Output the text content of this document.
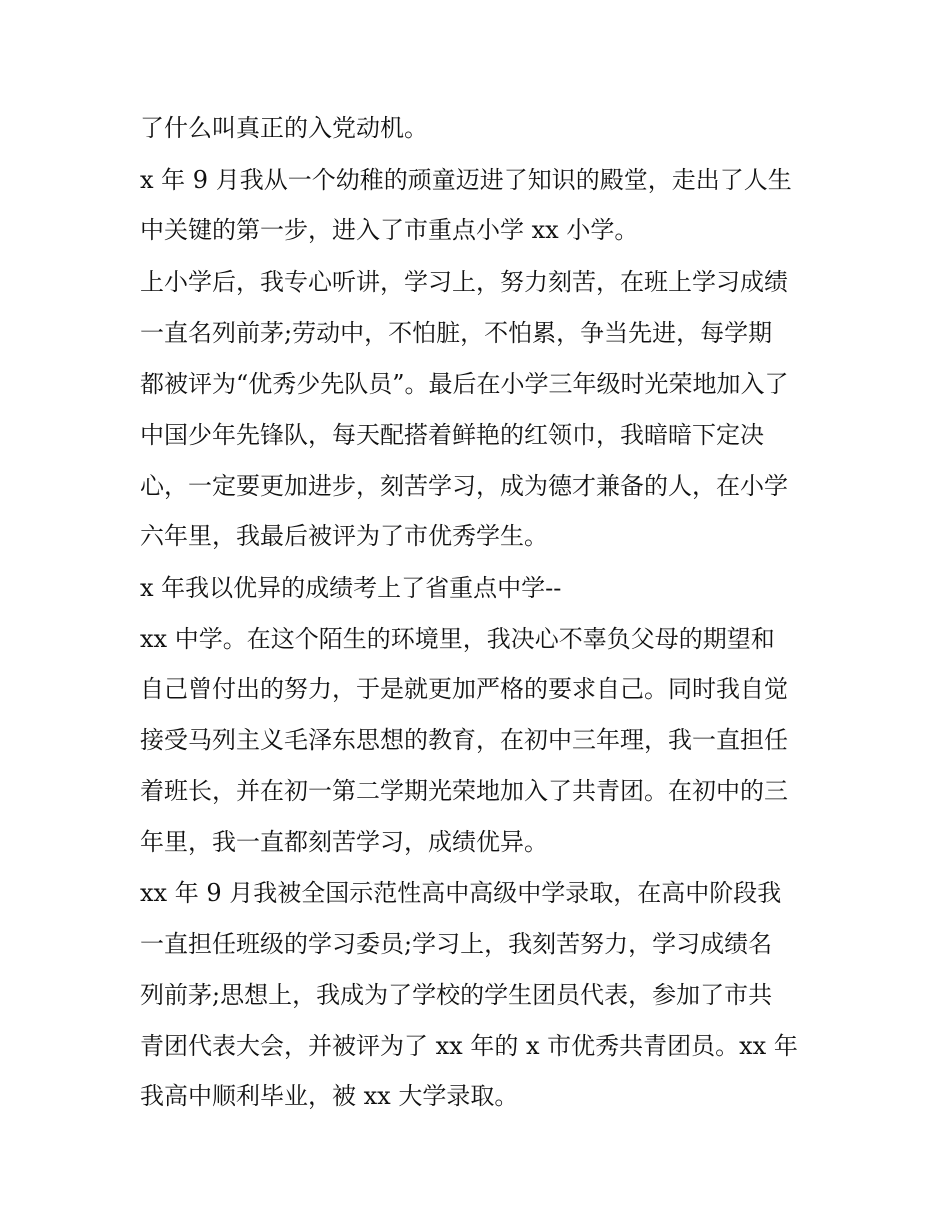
了什么叫真正的入党动机。

x 年 9 月我从一个幼稚的顽童迈进了知识的殿堂，走出了人生

中关键的第一步，进入了市重点小学 xx 小学。

上小学后，我专心听讲，学习上，努力刻苦，在班上学习成绩

一直名列前茅;劳动中，不怕脏，不怕累，争当先进，每学期

都被评为“优秀少先队员”。最后在小学三年级时光荣地加入了

中国少年先锋队，每天配搭着鲜艳的红领巾，我暗暗下定决

心，一定要更加进步，刻苦学习，成为德才兼备的人，在小学

六年里，我最后被评为了市优秀学生。

x 年我以优异的成绩考上了省重点中学--

xx 中学。在这个陌生的环境里，我决心不辜负父母的期望和

自己曾付出的努力，于是就更加严格的要求自己。同时我自觉

接受马列主义毛泽东思想的教育，在初中三年理，我一直担任

着班长，并在初一第二学期光荣地加入了共青团。在初中的三

年里，我一直都刻苦学习，成绩优异。

xx 年 9 月我被全国示范性高中高级中学录取，在高中阶段我

一直担任班级的学习委员;学习上，我刻苦努力，学习成绩名

列前茅;思想上，我成为了学校的学生团员代表，参加了市共

青团代表大会，并被评为了 xx 年的 x 市优秀共青团员。xx 年

我高中顺利毕业，被 xx 大学录取。
